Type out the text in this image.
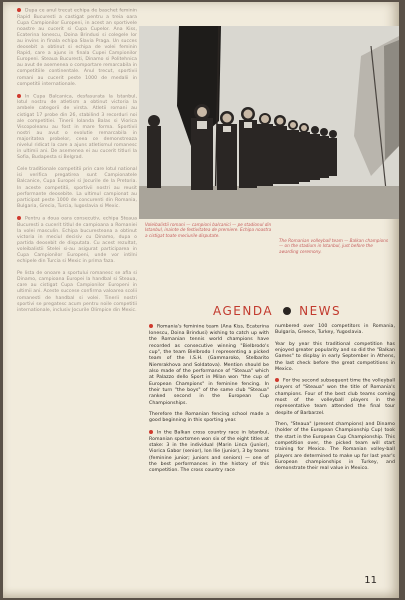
Dupa ce anul trecut echipa de baschet feminin Rapid Bucuresti a castigat pentru a treia oara Cupa Campionilor Europeni, in acest an sportivele noastre au cucerit si Cupa Cupelor. Ana Kiss, Ecaterina Ionescu, Doina Brindusi si colegele lor au invins in finala echipa Slavia Praga. Un succes deosebit a obtinut si echipa de volei feminin Rapid, care a ajuns in finala Cupei Campionilor Europeni. Steaua Bucuresti, Dinamo si Politehnica au avut de asemenea o comportare remarcabila in competitiile continentale. Anul trecut, sportivii romani au cucerit peste 1000 de medalii in competitii internationale.

In Cupa Balcanica, desfasurata la Istanbul, lotul nostru de atletism a obtinut victoria la ambele categorii de virsta. Atletii romani au cistigat 17 probe din 26, stabilind 3 recorduri noi ale competitiei. Tinerii Iolanda Balas si Viorica Viscopoleanu au fost in mare forma. Sportivii nostri au avut o evolutie remarcabila in majoritatea probelor, ceea ce demonstreaza nivelul ridicat la care a ajuns atletismul romanesc in ultimii ani. De asemenea ei au cucerit titluri la Sofia, Budapesta si Belgrad.

Cele traditionale competitii prin care lotul national isi verifica pregatirea sunt Campionatele Balcanice, Cupa Europei si Jocurile de la Pretoria. In aceste competitii, sportivii nostri au reusit performante deosebite. La ultimul campionat au participat peste 1000 de concurenti din Romania, Bulgaria, Grecia, Turcia, Iugoslavia si Mexic.

Pentru a doua oara consecutiv, echipa Steaua Bucuresti a cucerit titlul de campioana a Romaniei la volei masculin. Echipa bucuresteana a obtinut victoria in meciul decisiv cu Dinamo, dupa o partida deosebit de disputata. Cu acest rezultat, voleibalistii Stelei si-au asigurat participarea in Cupa Campionilor Europeni, unde vor intilni echipele din Turcia si Mexic in prima faza.

Pe lista de onoare a sportului romanesc se afla si Dinamo, campioana Europei la handbal si Steaua, care au cistigat Cupa Campionilor Europeni in ultimii ani. Aceste succese confirma valoarea scolii romanesti de handbal si volei. Tinerii nostri sportivi se pregatesc acum pentru noile competitii internationale, inclusiv Jocurile Olimpice din Mexic.

Voleibalistii romani — campioni balcanici — pe stadionul din Istanbul, inainte de festivitatea de premiere. Echipa noastra a cistigat toate meciurile disputate.
The Romanian volleyball team — Balkan champions — on the stadium in Istanbul, just before the awarding ceremony.
AGENDA NEWS

Romania's feminine team (Ana Kiss, Ecaterina Ionescu, Doina Brindusi) wishing to catch up with the Romanian tennis world champions have recorded as consecutive winning "Bielbrodo's cup", the team Bielbrodo I representing a picked team of the I.S.H. (Gammaroko, Stelbarito Niemrakhova and Soldatova). Mention should be also made of the performance of "Steaua" which at Palazzo dello Sport in Milan won "the cup of European Champions" in feminine fencing. In their turn "the boys" of the same club "Steaua" ranked second in the European Cup Championships.

Therefore the Romanian fencing school made a good beginning in this sporting year.

In the Balkan cross country race in Istanbul, Romanian sportsmen won six of the eight titles at stake: 3 in the individual (Marin Linca (junior), Viorica Gabor (senior), Ion Ilie (junior), 3 by teams (feminine junior; juniors and seniors) — one of the best performances in the history of this competition. The cross country race

numbered over 100 competitors in Romania, Bulgaria, Greece, Turkey, Yugoslavia.

Year by year this traditional competition has enjoyed greater popularity and so did the "Balkan Games" to display in early September in Athens, the last check before the great competitions in Mexico.

For the second subsequent time the volleyball players of "Steaua" won the title of Romania's champions. Four of the best club teams coming most of the volleyball players in the representative team attended the final tour despite of Barbarzel.

Then, "Steaua" (present champions) and Dinamo (holder of the European Championship Cup) took the start in the European Cup Championship. This competition over, the picked team will start training for Mexico. The Romanian volley-ball players are determined to make up for last year's European championships in Turkey, and demonstrate their real value in Mexico.

11
